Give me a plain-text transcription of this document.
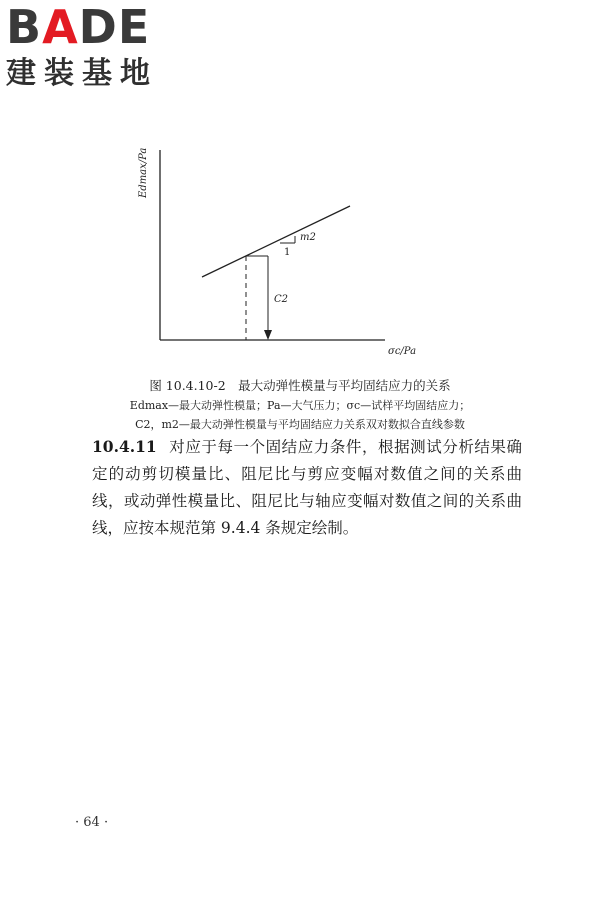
BADE
建装基地
Edmax/Pa
m2
1
C2
σc/Pa
图 10.4.10-2　最大动弹性模量与平均固结应力的关系
Edmax—最大动弹性模量；Pa—大气压力；σc—试样平均固结应力；
C2，m2—最大动弹性模量与平均固结应力关系双对数拟合直线参数
10.4.11 对应于每一个固结应力条件，根据测试分析结果确定的动剪切模量比、阻尼比与剪应变幅对数值之间的关系曲线，或动弹性模量比、阻尼比与轴应变幅对数值之间的关系曲线，应按本规范第 9.4.4 条规定绘制。
· 64 ·
